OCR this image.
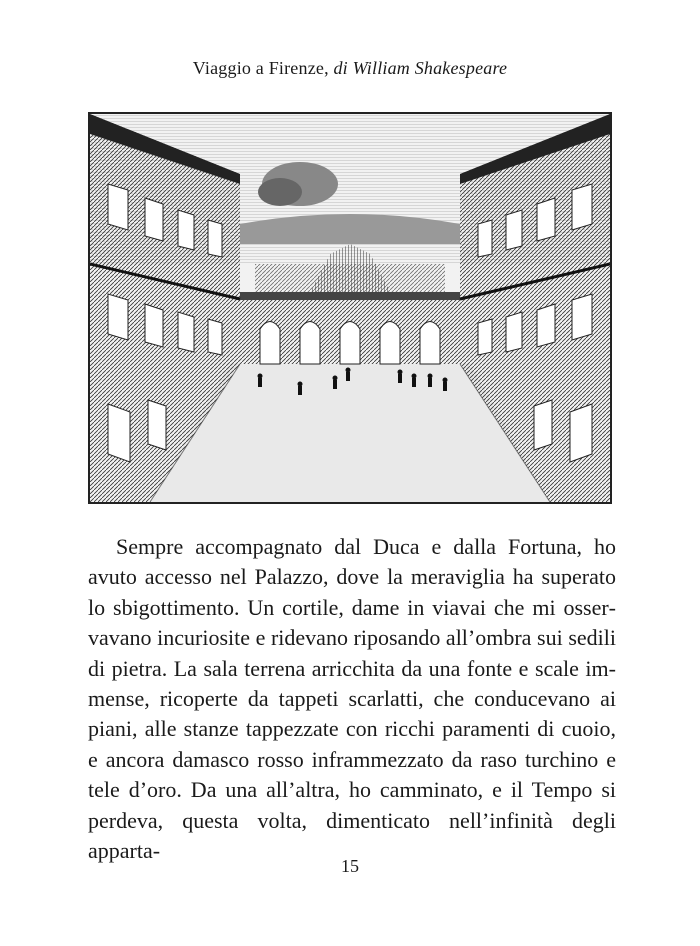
Viaggio a Firenze, di William Shakespeare

Sempre accompagnato dal Duca e dalla Fortuna, ho avuto accesso nel Palazzo, dove la meraviglia ha superato lo sbigottimento. Un cortile, dame in viavai che mi osservavano incuriosite e ridevano riposando all’ombra sui sedili di pietra. La sala terrena arricchita da una fonte e scale immense, ricoperte da tappeti scarlatti, che conducevano ai piani, alle stanze tappezzate con ricchi paramenti di cuoio, e ancora damasco rosso inframmezzato da raso turchino e tele d’oro. Da una all’altra, ho camminato, e il Tempo si perdeva, questa volta, dimenticato nell’infinità degli apparta-

15
